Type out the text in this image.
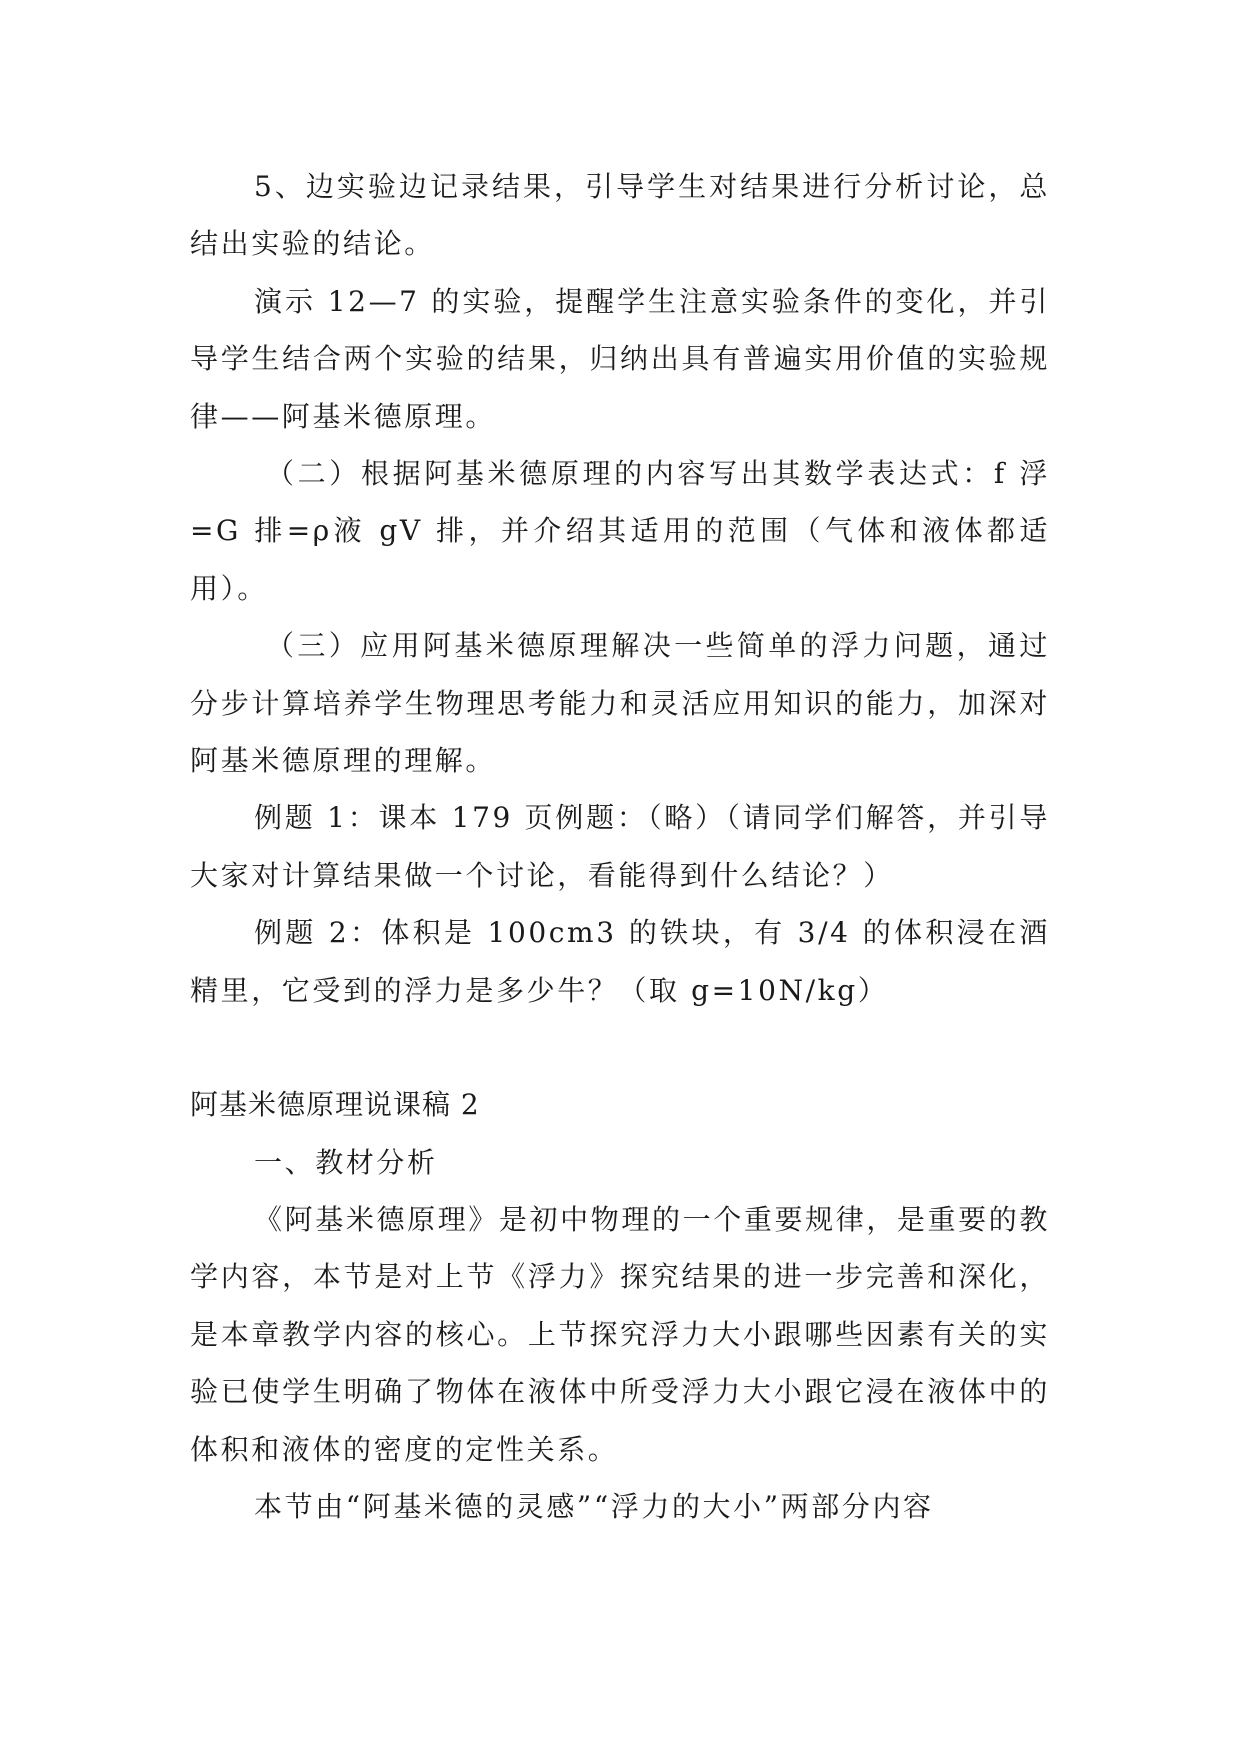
5、边实验边记录结果，引导学生对结果进行分析讨论，总结出实验的结论。

演示 12—7 的实验，提醒学生注意实验条件的变化，并引导学生结合两个实验的结果，归纳出具有普遍实用价值的实验规律——阿基米德原理。

（二）根据阿基米德原理的内容写出其数学表达式：f 浮=G 排=ρ液 gV 排，并介绍其适用的范围（气体和液体都适用）。

（三）应用阿基米德原理解决一些简单的浮力问题，通过分步计算培养学生物理思考能力和灵活应用知识的能力，加深对阿基米德原理的理解。

例题 1：课本 179 页例题：（略）（请同学们解答，并引导大家对计算结果做一个讨论，看能得到什么结论？）

例题 2：体积是 100cm3 的铁块，有 3/4 的体积浸在酒精里，它受到的浮力是多少牛？（取 g=10N/kg）

阿基米德原理说课稿 2

一、教材分析

《阿基米德原理》是初中物理的一个重要规律，是重要的教学内容，本节是对上节《浮力》探究结果的进一步完善和深化，是本章教学内容的核心。上节探究浮力大小跟哪些因素有关的实验已使学生明确了物体在液体中所受浮力大小跟它浸在液体中的体积和液体的密度的定性关系。

本节由“阿基米德的灵感”“浮力的大小”两部分内容
